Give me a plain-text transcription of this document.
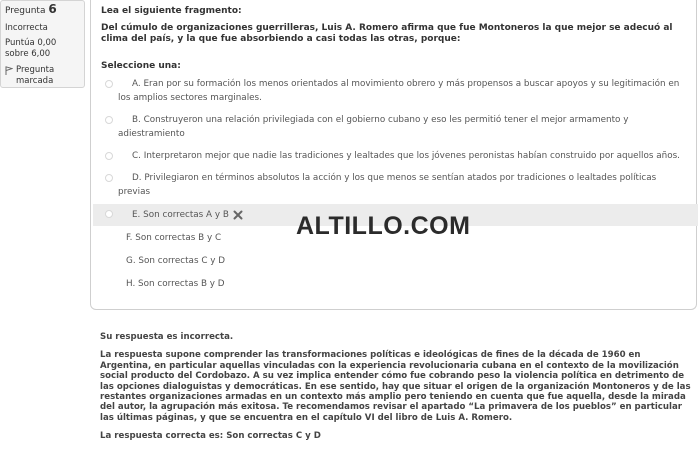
Pregunta 6
Incorrecta
Puntúa 0,00 sobre 6,00
Pregunta marcada
Lea el siguiente fragmento:
Del cúmulo de organizaciones guerrilleras, Luis A. Romero afirma que fue Montoneros la que mejor se adecuó al clima del país, y la que fue absorbiendo a casi todas las otras, porque:
Seleccione una:
A. Eran por su formación los menos orientados al movimiento obrero y más propensos a buscar apoyos y su legitimación en los amplios sectores marginales.
B. Construyeron una relación privilegiada con el gobierno cubano y eso les permitió tener el mejor armamento y adiestramiento
C. Interpretaron mejor que nadie las tradiciones y lealtades que los jóvenes peronistas habían construido por aquellos años.
D. Privilegiaron en términos absolutos la acción y los que menos se sentían atados por tradiciones o lealtades políticas previas
E. Son correctas A y B
F. Son correctas B y C
G. Son correctas C y D
H. Son correctas B y D
ALTILLO.COM
Su respuesta es incorrecta.
La respuesta supone comprender las transformaciones políticas e ideológicas de fines de la década de 1960 en Argentina, en particular aquellas vinculadas con la experiencia revolucionaria cubana en el contexto de la movilización social producto del Cordobazo. A su vez implica entender cómo fue cobrando peso la violencia política en detrimento de las opciones dialoguistas y democráticas. En ese sentido, hay que situar el origen de la organización Montoneros y de las restantes organizaciones armadas en un contexto más amplio pero teniendo en cuenta que fue aquella, desde la mirada del autor, la agrupación más exitosa. Te recomendamos revisar el apartado “La primavera de los pueblos” en particular las últimas páginas, y que se encuentra en el capítulo VI del libro de Luis A. Romero.
La respuesta correcta es: Son correctas C y D
